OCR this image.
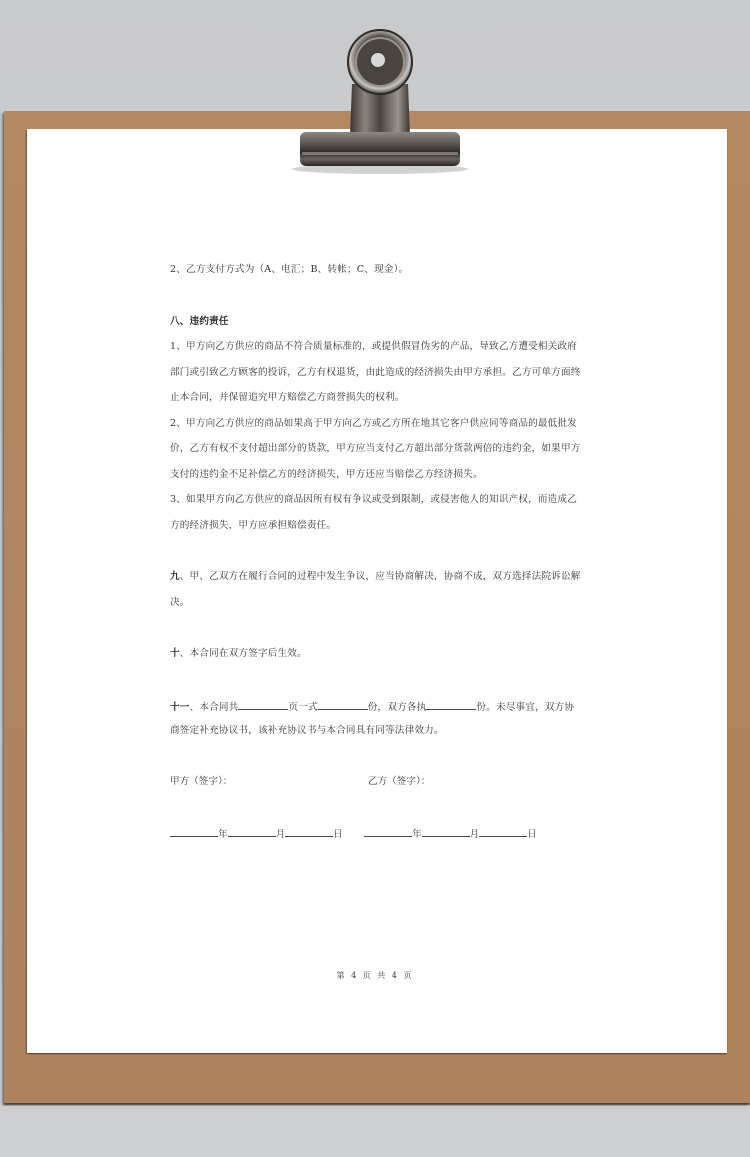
2、乙方支付方式为（A、电汇；B、转帐；C、现金）。
八、违约责任
1、甲方向乙方供应的商品不符合质量标准的，或提供假冒伪劣的产品，导致乙方遭受相关政府
部门或引致乙方顾客的投诉，乙方有权退货，由此造成的经济损失由甲方承担。乙方可单方面终
止本合同，并保留追究甲方赔偿乙方商誉损失的权利。
2、甲方向乙方供应的商品如果高于甲方向乙方或乙方所在地其它客户供应同等商品的最低批发
价，乙方有权不支付超出部分的货款，甲方应当支付乙方超出部分货款两倍的违约金，如果甲方
支付的违约金不足补偿乙方的经济损失，甲方还应当赔偿乙方经济损失。
3、如果甲方向乙方供应的商品因所有权有争议或受到限制，或侵害他人的知识产权，而造成乙
方的经济损失，甲方应承担赔偿责任。
九、甲、乙双方在履行合同的过程中发生争议，应当协商解决，协商不成，双方选择法院诉讼解
决。
十、本合同在双方签字后生效。
十一、本合同共	页一式	份，双方各执	份。未尽事宜，双方协
商签定补充协议书，该补充协议书与本合同具有同等法律效力。
甲方（签字）：	乙方（签字）：
年	月	日	年	月	日
第 4 页 共 4 页
